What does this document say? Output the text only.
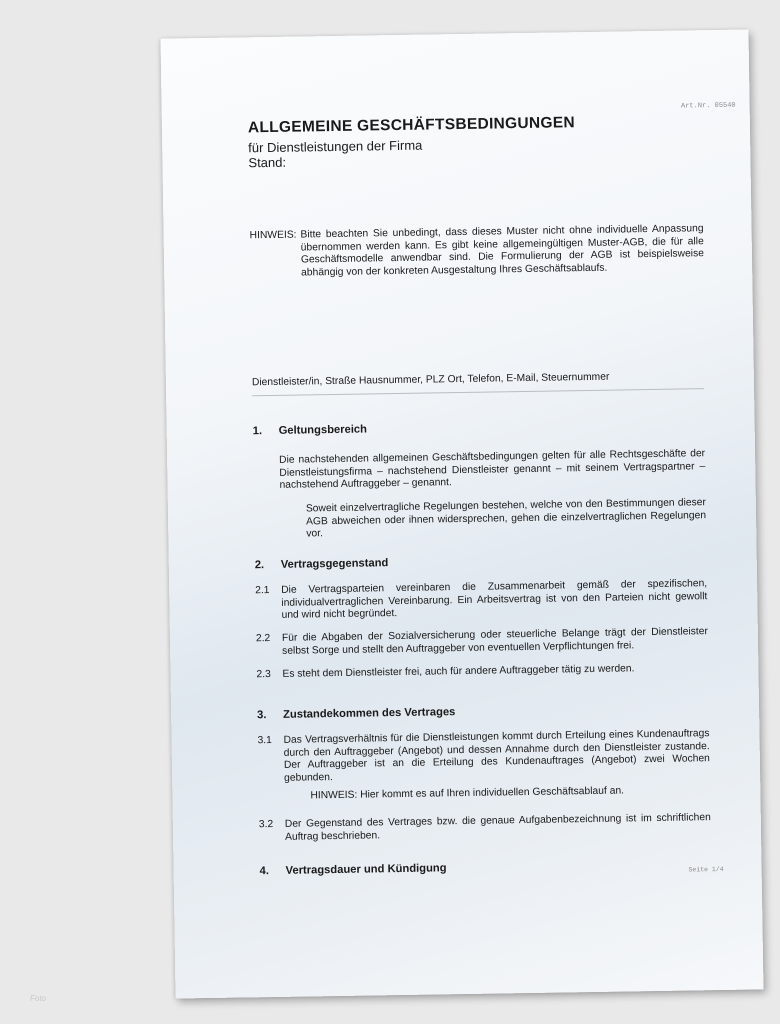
Art.Nr. 05540
ALLGEMEINE GESCHÄFTSBEDINGUNGEN
für Dienstleistungen der Firma
Stand:
HINWEIS: Bitte beachten Sie unbedingt, dass dieses Muster nicht ohne individuelle Anpassung übernommen werden kann. Es gibt keine allgemeingültigen Muster-AGB, die für alle Geschäftsmodelle anwendbar sind. Die Formulierung der AGB ist beispielsweise abhängig von der konkreten Ausgestaltung Ihres Geschäftsablaufs.
Dienstleister/in, Straße Hausnummer, PLZ Ort, Telefon, E-Mail, Steuernummer
1.	Geltungsbereich
Die nachstehenden allgemeinen Geschäftsbedingungen gelten für alle Rechtsgeschäfte der Dienstleistungsfirma – nachstehend Dienstleister genannt – mit seinem Vertragspartner – nachstehend Auftraggeber – genannt.
Soweit einzelvertragliche Regelungen bestehen, welche von den Bestimmungen dieser AGB abweichen oder ihnen widersprechen, gehen die einzelvertraglichen Regelungen vor.
2.	Vertragsgegenstand
2.1 Die Vertragsparteien vereinbaren die Zusammenarbeit gemäß der spezifischen, individualvertraglichen Vereinbarung. Ein Arbeitsvertrag ist von den Parteien nicht gewollt und wird nicht begründet.
2.2 Für die Abgaben der Sozialversicherung oder steuerliche Belange trägt der Dienstleister selbst Sorge und stellt den Auftraggeber von eventuellen Verpflichtungen frei.
2.3 Es steht dem Dienstleister frei, auch für andere Auftraggeber tätig zu werden.
3.	Zustandekommen des Vertrages
3.1 Das Vertragsverhältnis für die Dienstleistungen kommt durch Erteilung eines Kundenauftrags durch den Auftraggeber (Angebot) und dessen Annahme durch den Dienstleister zustande. Der Auftraggeber ist an die Erteilung des Kundenauftrages (Angebot) zwei Wochen gebunden.
HINWEIS: Hier kommt es auf Ihren individuellen Geschäftsablauf an.
3.2 Der Gegenstand des Vertrages bzw. die genaue Aufgabenbezeichnung ist im schriftlichen Auftrag beschrieben.
4.	Vertragsdauer und Kündigung	Seite 1/4
Foto
